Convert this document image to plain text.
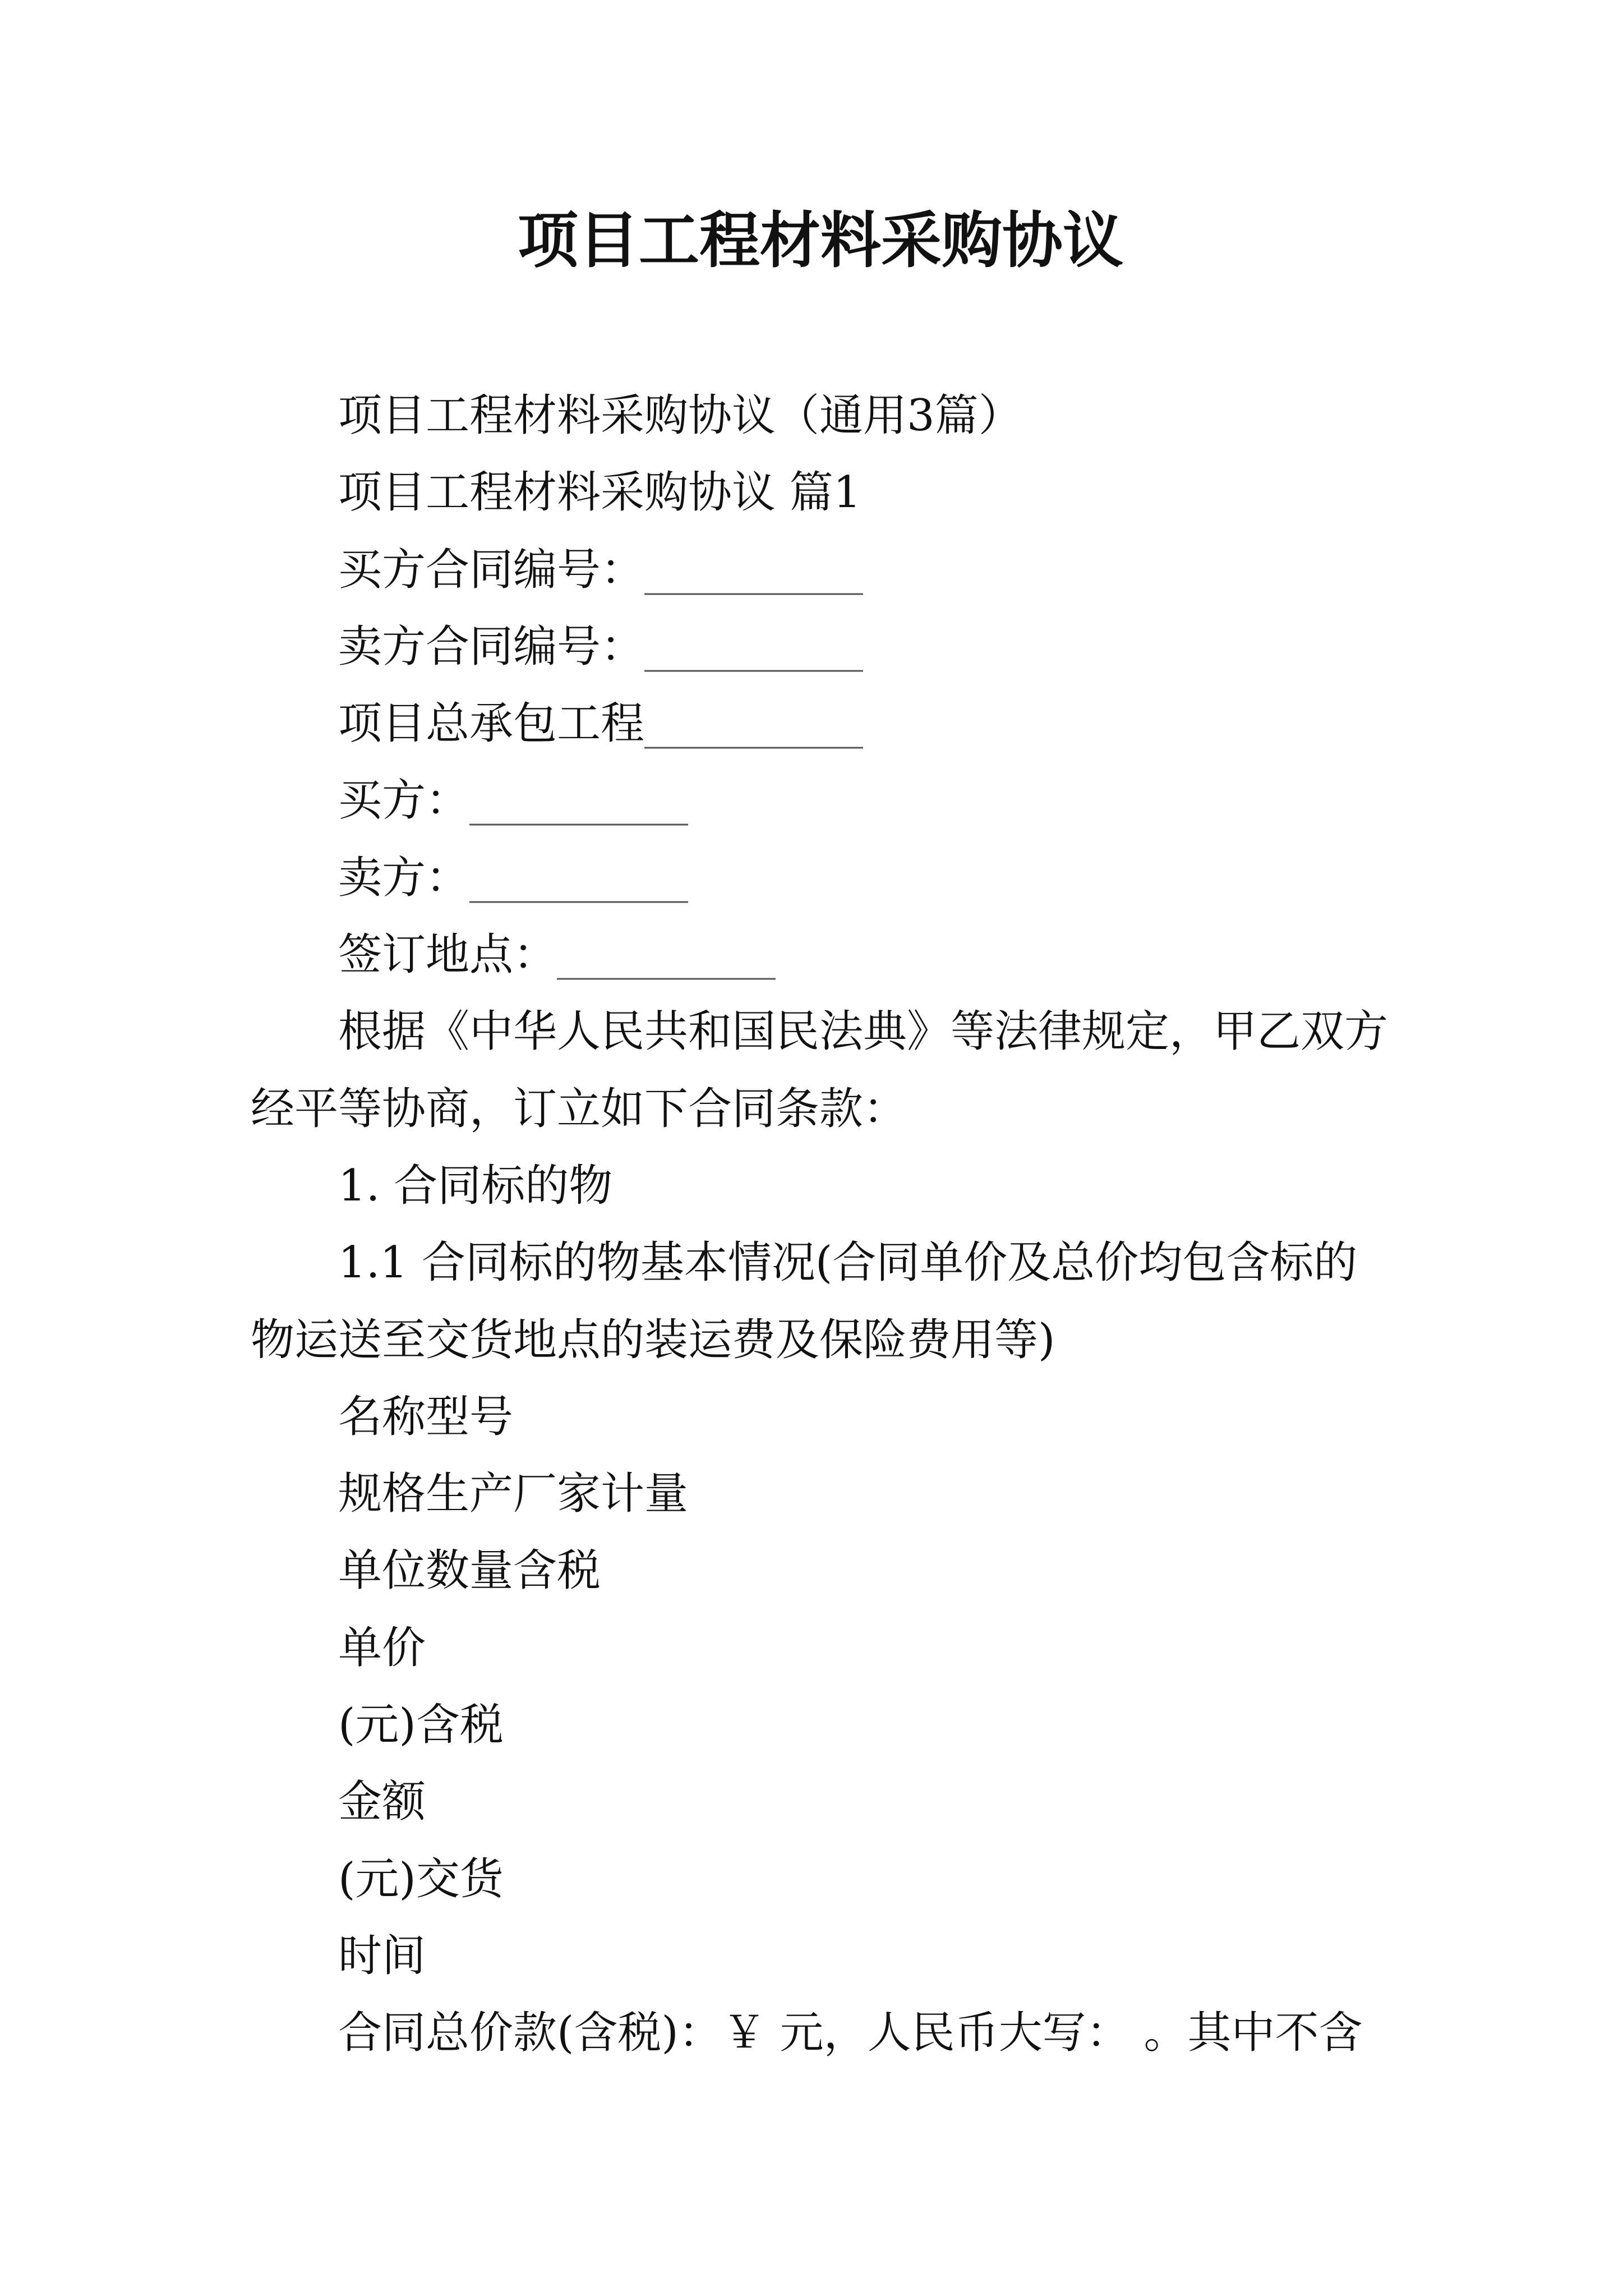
项目工程材料采购协议

项目工程材料采购协议（通用3篇）

项目工程材料采购协议 篇1

买方合同编号：__________

卖方合同编号：__________

项目总承包工程__________

买方：__________

卖方：__________

签订地点：__________

根据《中华人民共和国民法典》等法律规定，甲乙双方经平等协商，订立如下合同条款：

1. 合同标的物

1.1 合同标的物基本情况(合同单价及总价均包含标的物运送至交货地点的装运费及保险费用等)

名称型号

规格生产厂家计量

单位数量含税

单价

(元)含税

金额

(元)交货

时间

合同总价款(含税)：￥ 元，人民币大写： 。其中不含
